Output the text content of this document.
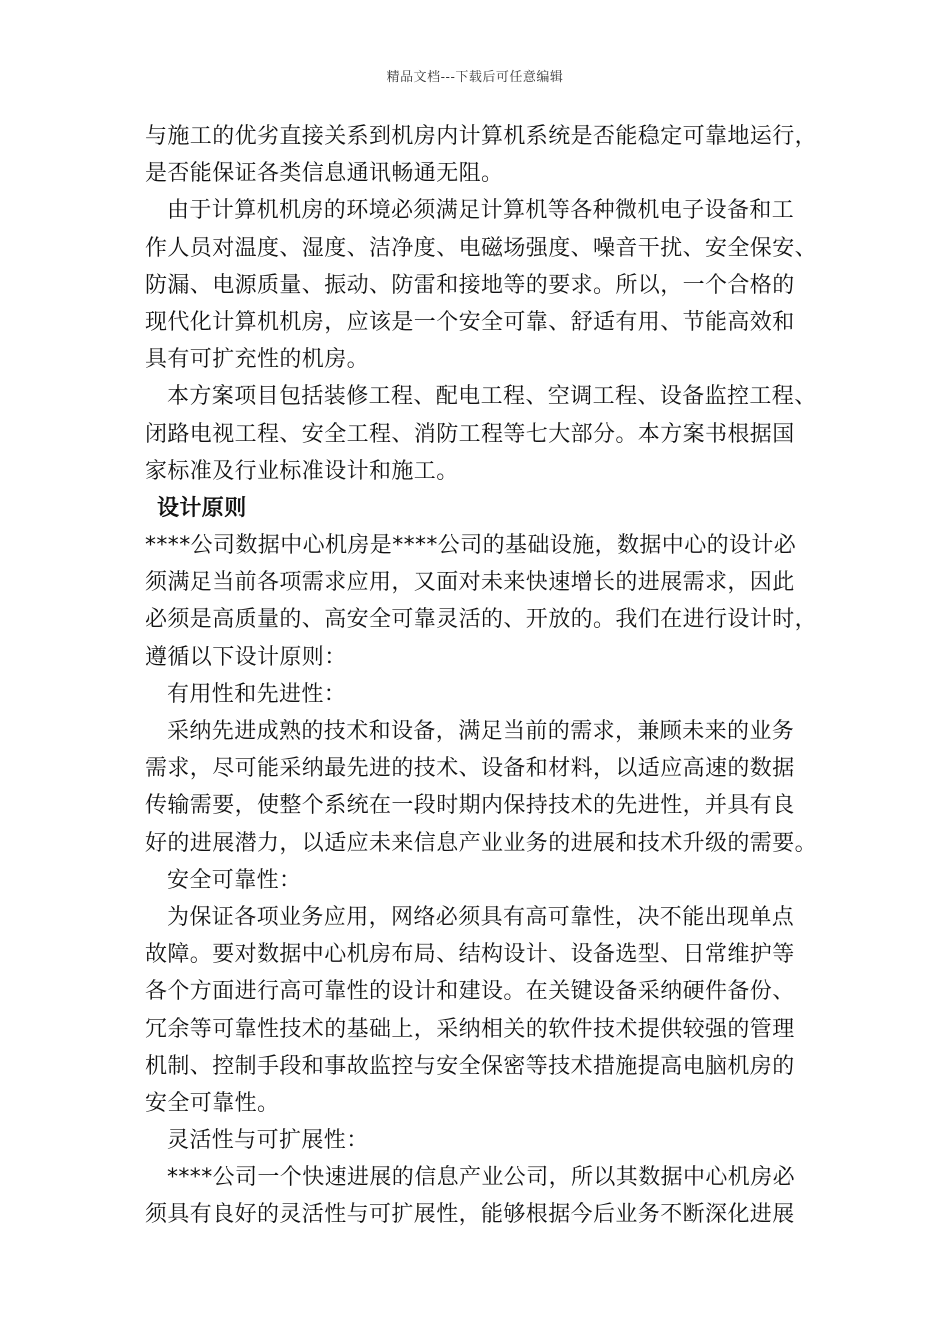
精品文档---下载后可任意编辑
与施工的优劣直接关系到机房内计算机系统是否能稳定可靠地运行，
是否能保证各类信息通讯畅通无阻。
由于计算机机房的环境必须满足计算机等各种微机电子设备和工
作人员对温度、湿度、洁净度、电磁场强度、噪音干扰、安全保安、
防漏、电源质量、振动、防雷和接地等的要求。所以，一个合格的
现代化计算机机房，应该是一个安全可靠、舒适有用、节能高效和
具有可扩充性的机房。
本方案项目包括装修工程、配电工程、空调工程、设备监控工程、
闭路电视工程、安全工程、消防工程等七大部分。本方案书根据国
家标准及行业标准设计和施工。
设计原则
****公司数据中心机房是****公司的基础设施，数据中心的设计必
须满足当前各项需求应用，又面对未来快速增长的进展需求，因此
必须是高质量的、高安全可靠灵活的、开放的。我们在进行设计时，
遵循以下设计原则：
有用性和先进性：
采纳先进成熟的技术和设备，满足当前的需求，兼顾未来的业务
需求，尽可能采纳最先进的技术、设备和材料，以适应高速的数据
传输需要，使整个系统在一段时期内保持技术的先进性，并具有良
好的进展潜力，以适应未来信息产业业务的进展和技术升级的需要。
安全可靠性：
为保证各项业务应用，网络必须具有高可靠性，决不能出现单点
故障。要对数据中心机房布局、结构设计、设备选型、日常维护等
各个方面进行高可靠性的设计和建设。在关键设备采纳硬件备份、
冗余等可靠性技术的基础上，采纳相关的软件技术提供较强的管理
机制、控制手段和事故监控与安全保密等技术措施提高电脑机房的
安全可靠性。
灵活性与可扩展性：
****公司一个快速进展的信息产业公司，所以其数据中心机房必
须具有良好的灵活性与可扩展性，能够根据今后业务不断深化进展
